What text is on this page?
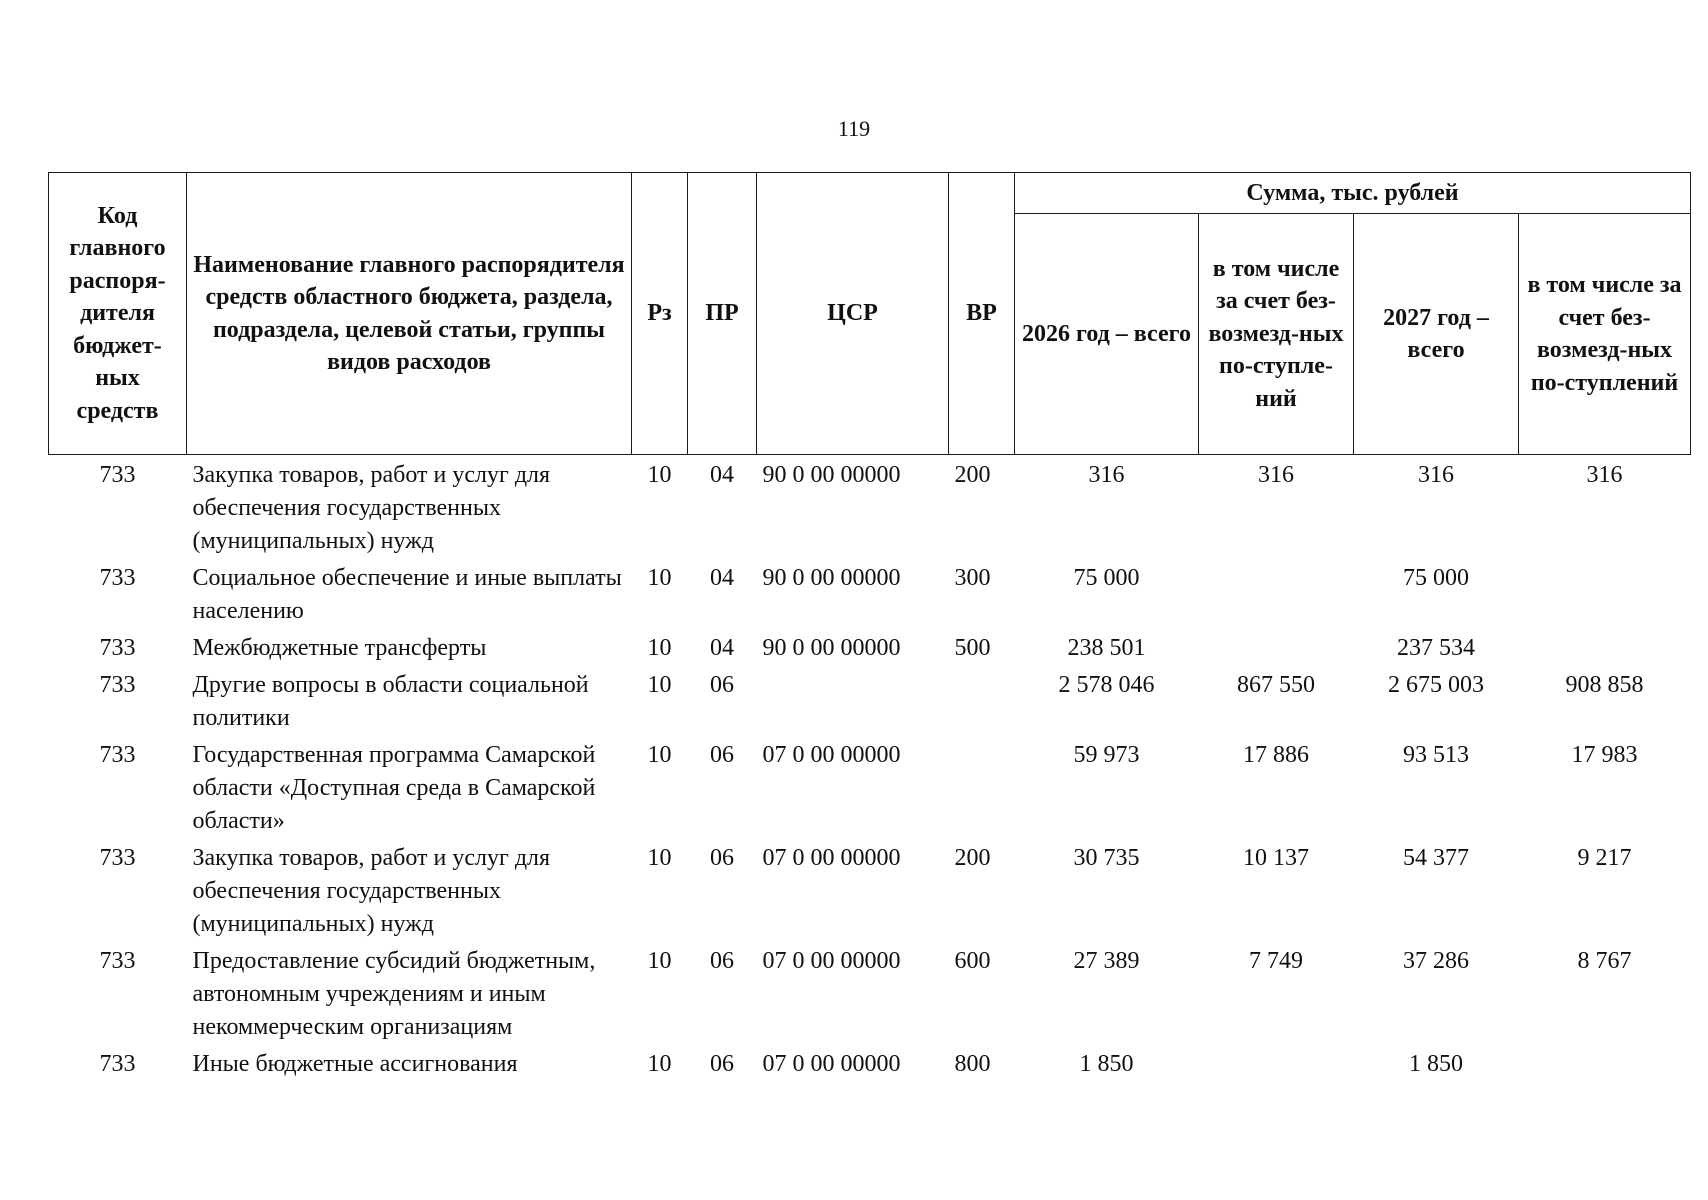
119
Код главного распоря-дителя бюджет-ных средств	Наименование главного распорядителя средств областного бюджета, раздела, подраздела, целевой статьи, группы видов расходов	Рз	ПР	ЦСР	ВР	Сумма, тыс. рублей			
						2026 год – всего	в том числе за счет без-возмезд-ных по-ступле-ний	2027 год – всего	в том числе за счет без-возмезд-ных по-ступлений
733	Закупка товаров, работ и услуг для обеспечения государственных (муниципальных) нужд	10	04	90 0 00 00000	200	316	316	316	316
733	Социальное обеспечение и иные выплаты населению	10	04	90 0 00 00000	300	75 000		75 000	
733	Межбюджетные трансферты	10	04	90 0 00 00000	500	238 501		237 534	
733	Другие вопросы в области социальной политики	10	06			2 578 046	867 550	2 675 003	908 858
733	Государственная программа Самарской области «Доступная среда в Самарской области»	10	06	07 0 00 00000		59 973	17 886	93 513	17 983
733	Закупка товаров, работ и услуг для обеспечения государственных (муниципальных) нужд	10	06	07 0 00 00000	200	30 735	10 137	54 377	9 217
733	Предоставление субсидий бюджетным, автономным учреждениям и иным некоммерческим организациям	10	06	07 0 00 00000	600	27 389	7 749	37 286	8 767
733	Иные бюджетные ассигнования	10	06	07 0 00 00000	800	1 850		1 850	
